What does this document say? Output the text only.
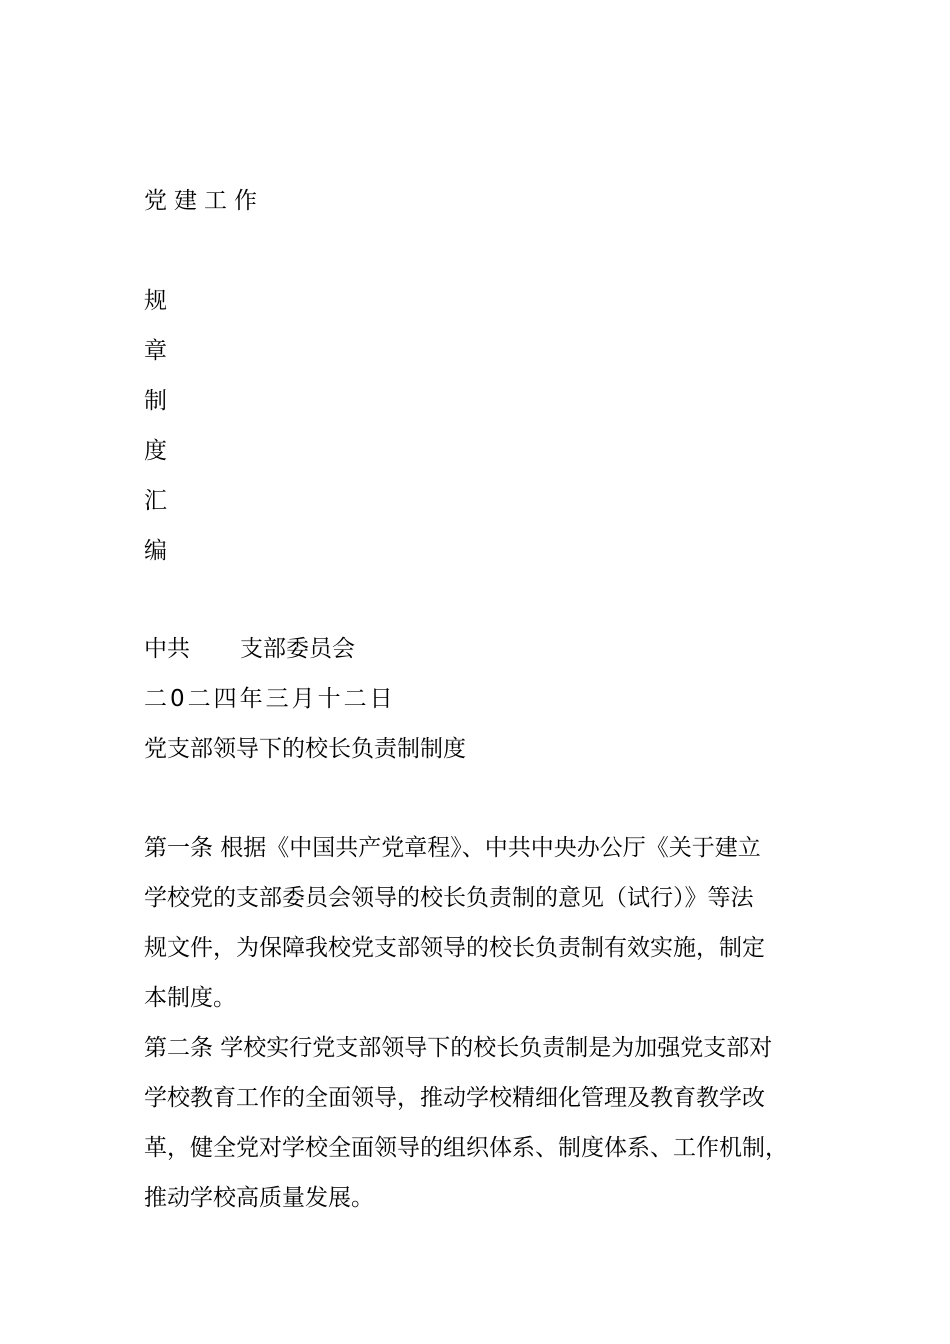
党建工作
规
章
制
度
汇
编
中共 支部委员会
二0二四年三月十二日
党支部领导下的校长负责制制度
第一条 根据《中国共产党章程》、中共中央办公厅《关于建立
学校党的支部委员会领导的校长负责制的意见（试行）》等法
规文件，为保障我校党支部领导的校长负责制有效实施，制定
本制度。
第二条 学校实行党支部领导下的校长负责制是为加强党支部对
学校教育工作的全面领导，推动学校精细化管理及教育教学改
革，健全党对学校全面领导的组织体系、制度体系、工作机制，
推动学校高质量发展。
